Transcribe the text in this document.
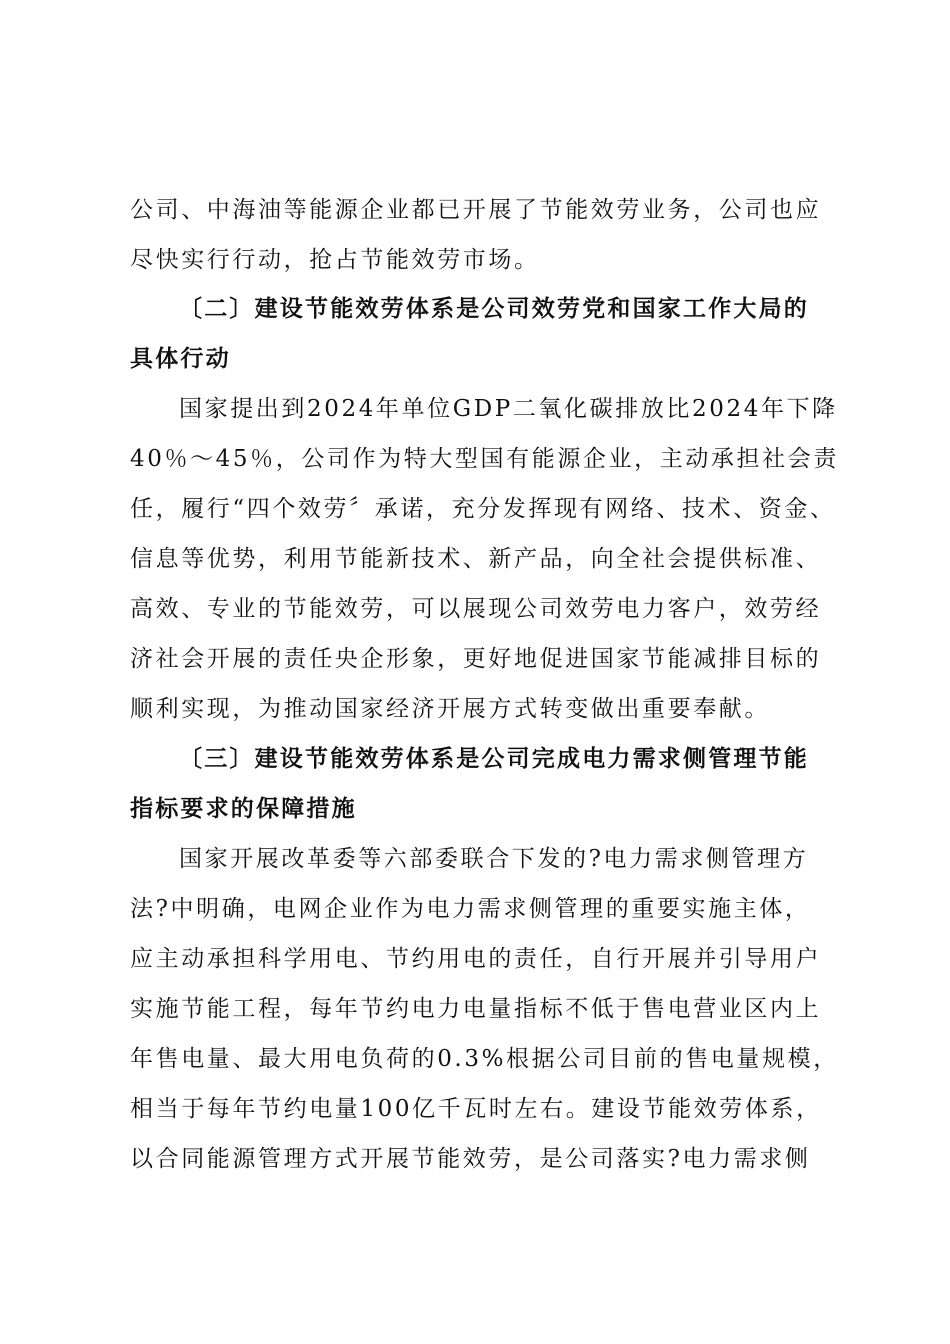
公司、中海油等能源企业都已开展了节能效劳业务，公司也应

尽快实行行动，抢占节能效劳市场。

〔二〕建设节能效劳体系是公司效劳党和国家工作大局的

具体行动

国家提出到2024年单位GDP二氧化碳排放比2024年下降

40％～45％，公司作为特大型国有能源企业，主动承担社会责

任，履行“四个效劳〞承诺，充分发挥现有网络、技术、资金、

信息等优势，利用节能新技术、新产品，向全社会提供标准、

高效、专业的节能效劳，可以展现公司效劳电力客户，效劳经

济社会开展的责任央企形象，更好地促进国家节能减排目标的

顺利实现，为推动国家经济开展方式转变做出重要奉献。

〔三〕建设节能效劳体系是公司完成电力需求侧管理节能

指标要求的保障措施

国家开展改革委等六部委联合下发的?电力需求侧管理方

法?中明确，电网企业作为电力需求侧管理的重要实施主体，

应主动承担科学用电、节约用电的责任，自行开展并引导用户

实施节能工程，每年节约电力电量指标不低于售电营业区内上

年售电量、最大用电负荷的0.3%根据公司目前的售电量规模，

相当于每年节约电量100亿千瓦时左右。建设节能效劳体系，

以合同能源管理方式开展节能效劳，是公司落实?电力需求侧
